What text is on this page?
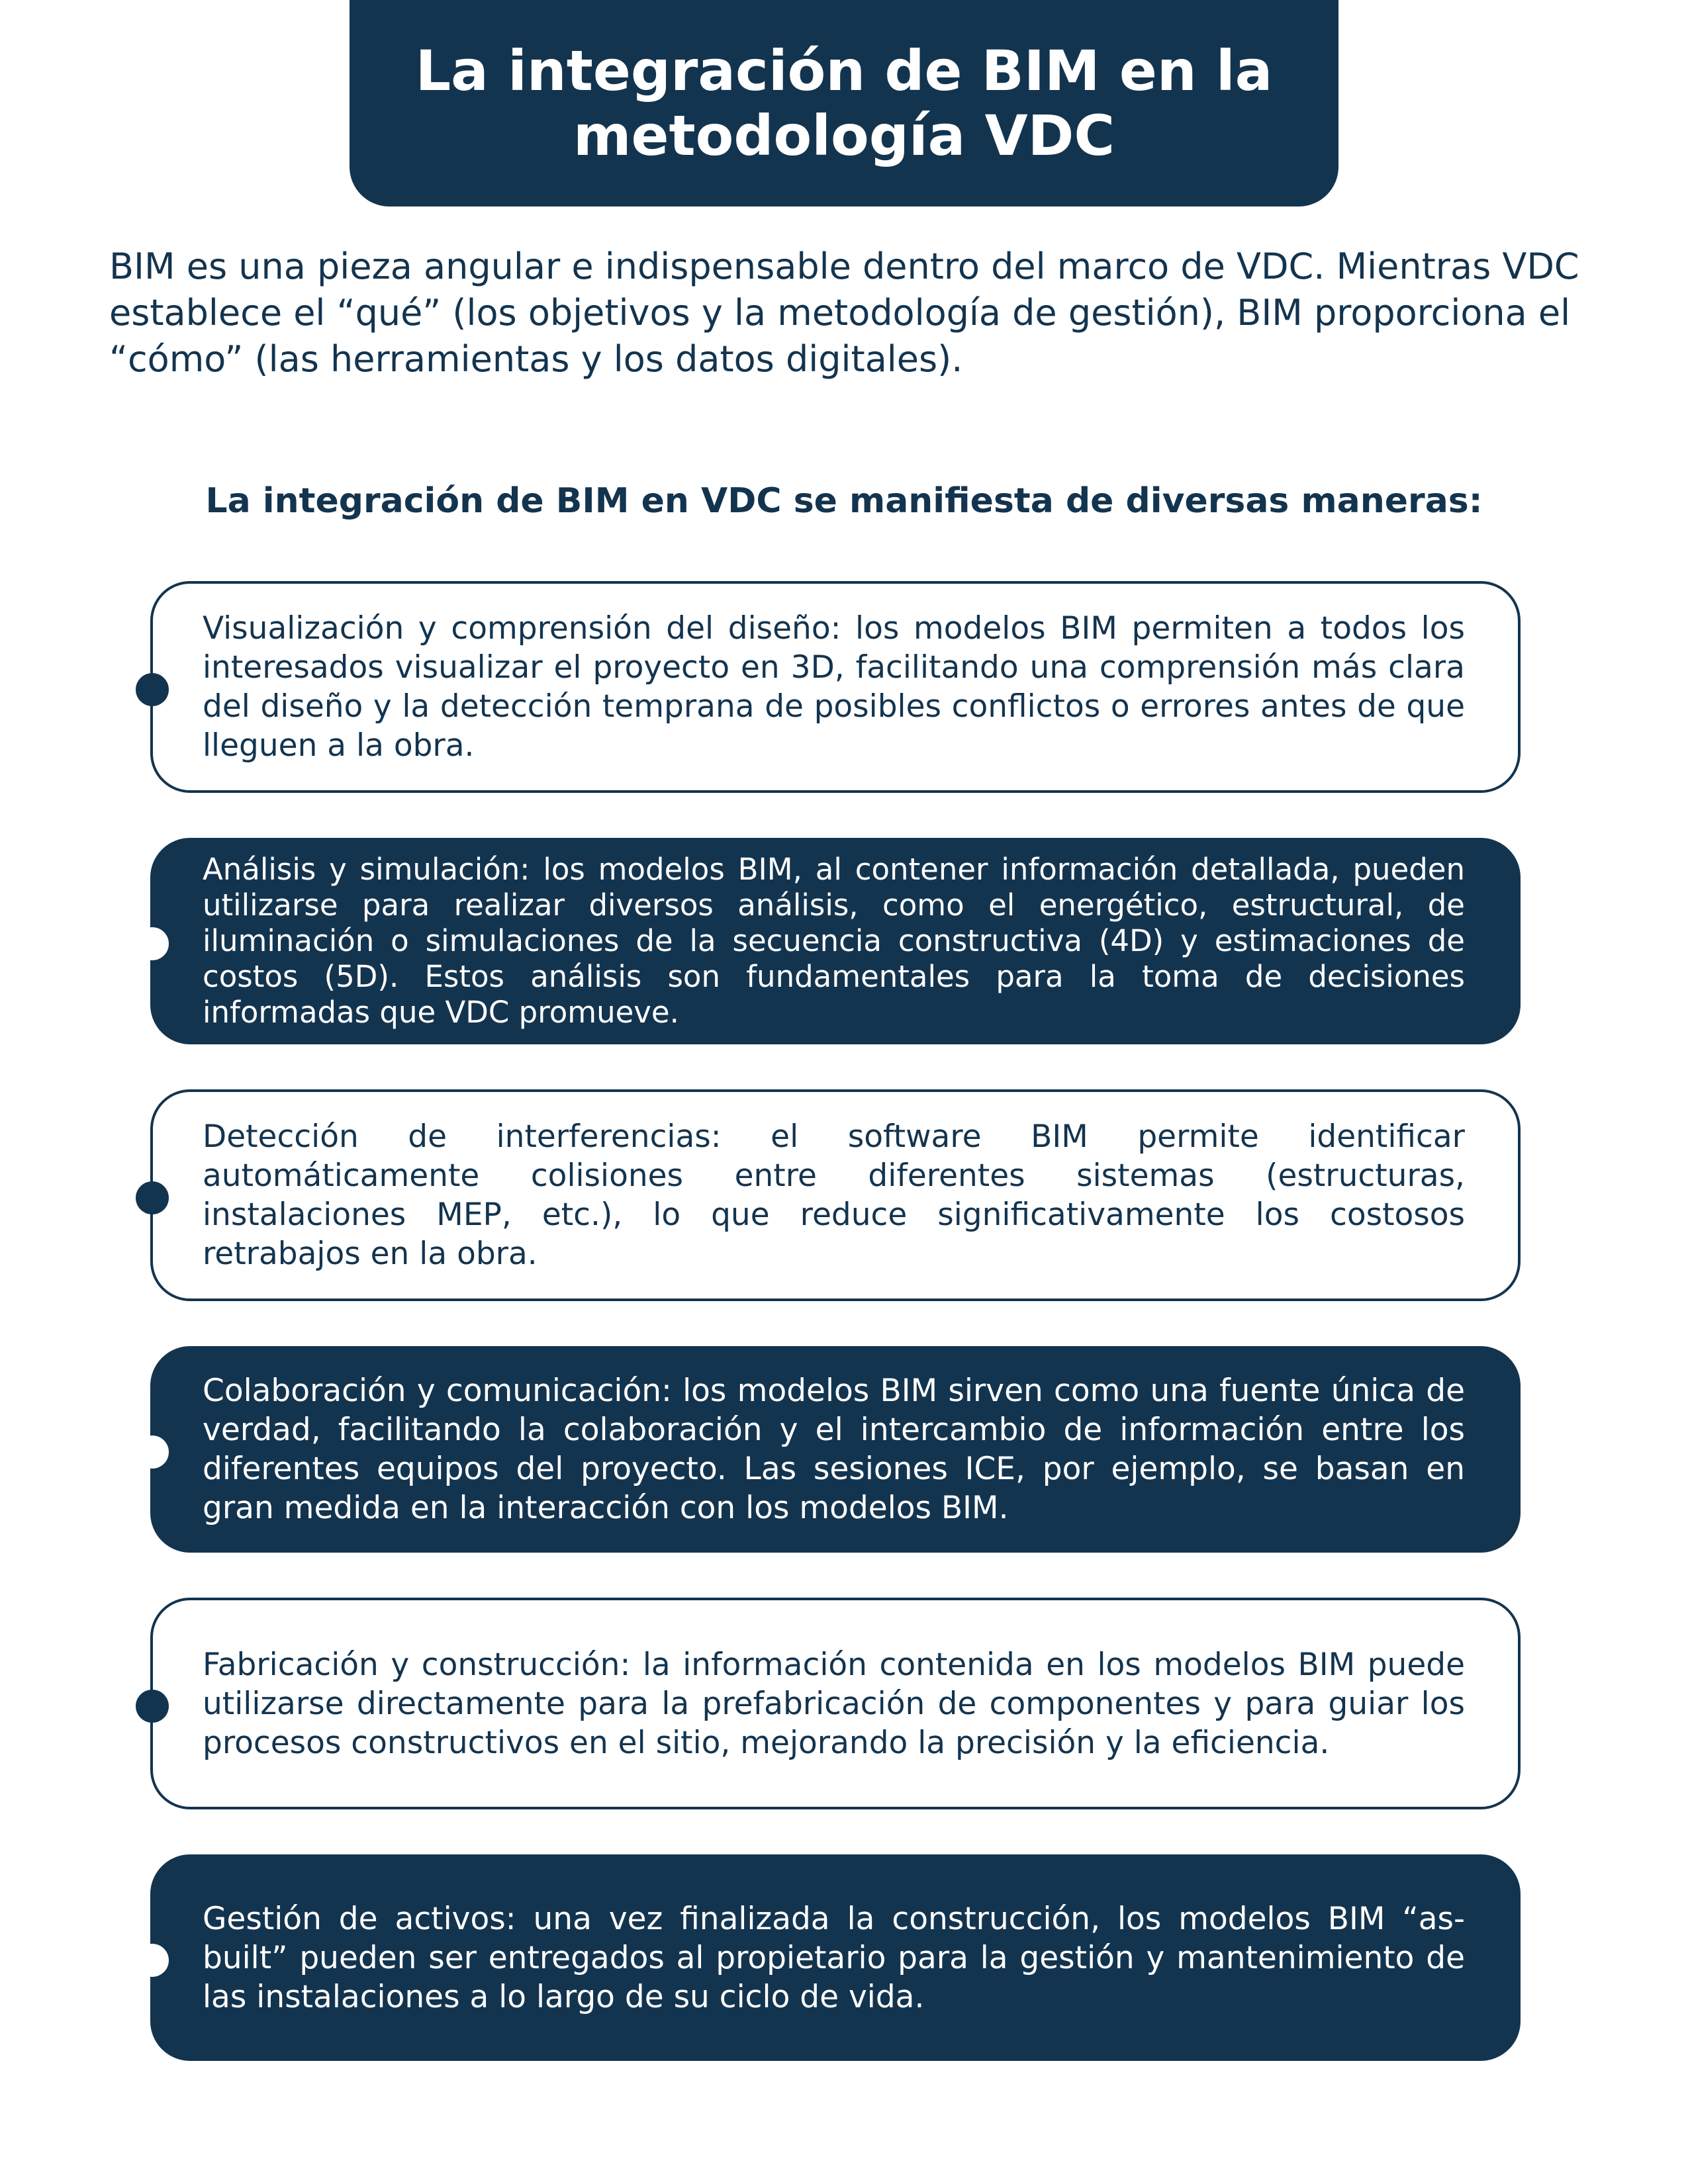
La integración de BIM en la metodología VDC

BIM es una pieza angular e indispensable dentro del marco de VDC. Mientras VDC establece el “qué” (los objetivos y la metodología de gestión), BIM proporciona el “cómo” (las herramientas y los datos digitales).

La integración de BIM en VDC se manifiesta de diversas maneras:

Visualización y comprensión del diseño: los modelos BIM permiten a todos los interesados visualizar el proyecto en 3D, facilitando una comprensión más clara del diseño y la detección temprana de posibles conflictos o errores antes de que lleguen a la obra.

Análisis y simulación: los modelos BIM, al contener información detallada, pueden utilizarse para realizar diversos análisis, como el energético, estructural, de iluminación o simulaciones de la secuencia constructiva (4D) y estimaciones de costos (5D). Estos análisis son fundamentales para la toma de decisiones informadas que VDC promueve.

Detección de interferencias: el software BIM permite identificar automáticamente colisiones entre diferentes sistemas (estructuras, instalaciones MEP, etc.), lo que reduce significativamente los costosos retrabajos en la obra.

Colaboración y comunicación: los modelos BIM sirven como una fuente única de verdad, facilitando la colaboración y el intercambio de información entre los diferentes equipos del proyecto. Las sesiones ICE, por ejemplo, se basan en gran medida en la interacción con los modelos BIM.

Fabricación y construcción: la información contenida en los modelos BIM puede utilizarse directamente para la prefabricación de componentes y para guiar los procesos constructivos en el sitio, mejorando la precisión y la eficiencia.

Gestión de activos: una vez finalizada la construcción, los modelos BIM “as-built” pueden ser entregados al propietario para la gestión y mantenimiento de las instalaciones a lo largo de su ciclo de vida.
